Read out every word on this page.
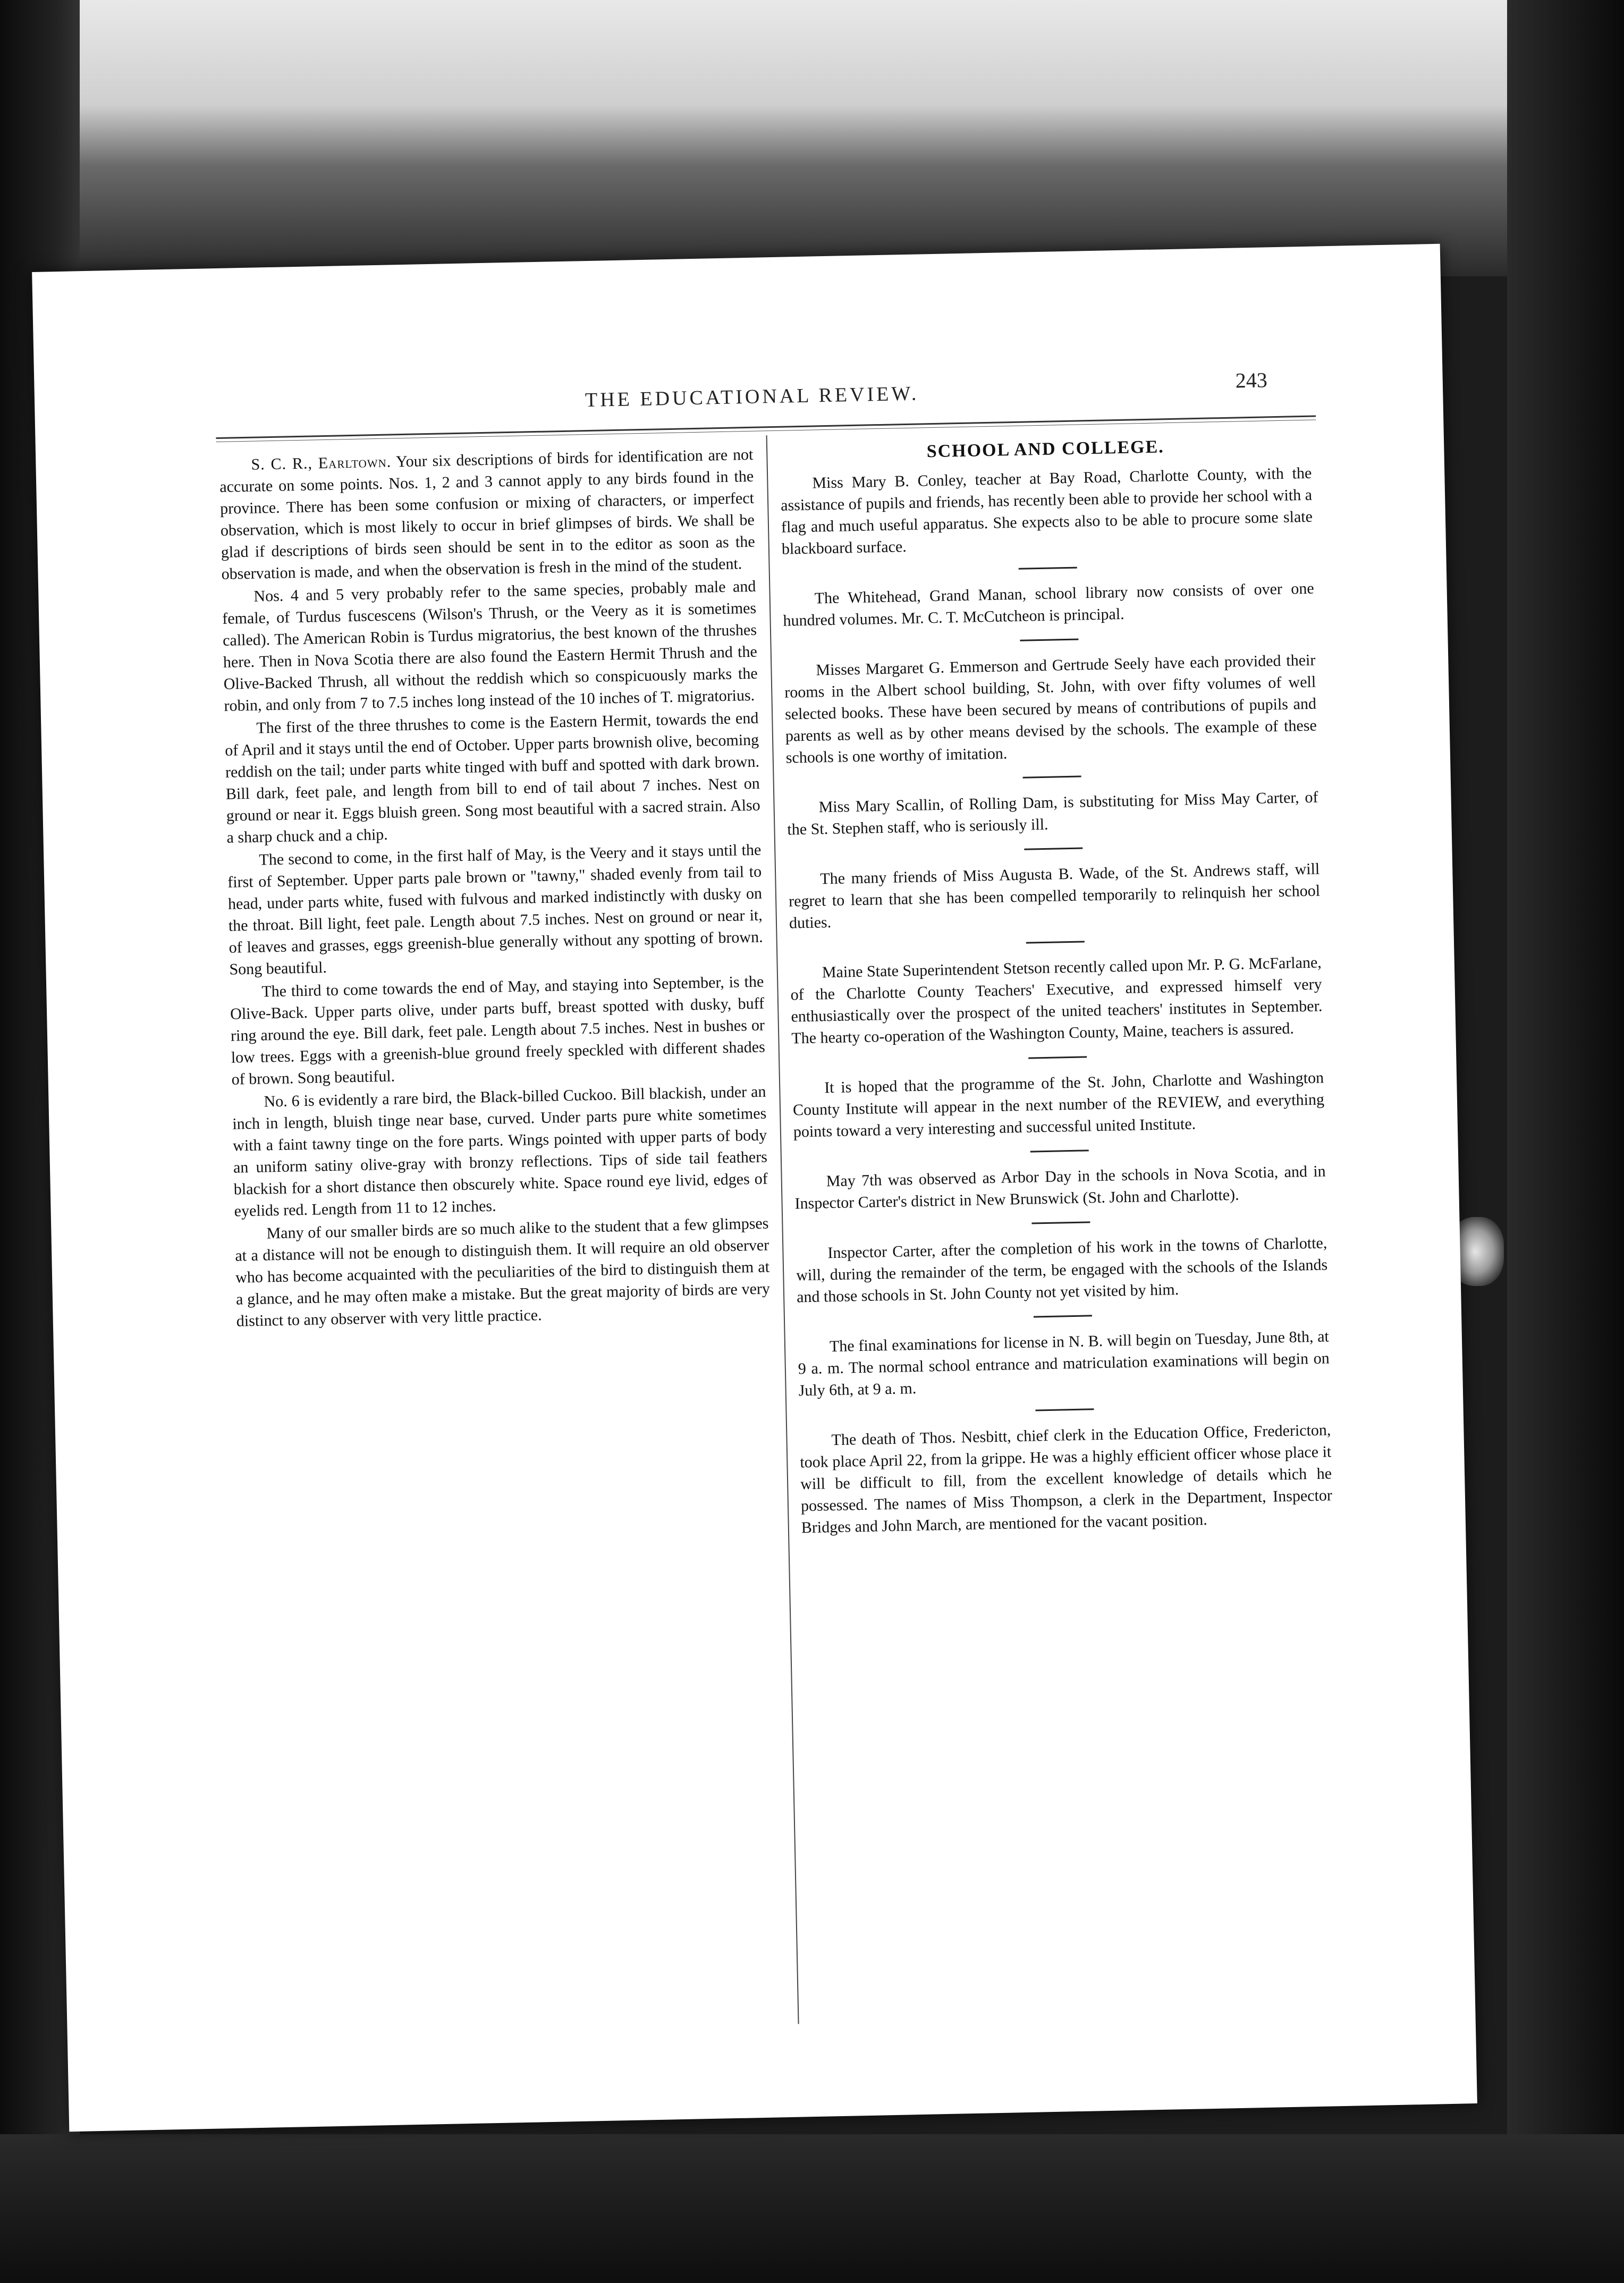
THE EDUCATIONAL REVIEW.
243

S. C. R., Earltown. Your six descriptions of birds for identification are not accurate on some points. Nos. 1, 2 and 3 cannot apply to any birds found in the province. There has been some confusion or mixing of characters, or imperfect observation, which is most likely to occur in brief glimpses of birds. We shall be glad if descriptions of birds seen should be sent in to the editor as soon as the observation is made, and when the observation is fresh in the mind of the student.

Nos. 4 and 5 very probably refer to the same species, probably male and female, of Turdus fuscescens (Wilson's Thrush, or the Veery as it is sometimes called). The American Robin is Turdus migratorius, the best known of the thrushes here. Then in Nova Scotia there are also found the Eastern Hermit Thrush and the Olive-Backed Thrush, all without the reddish which so conspicuously marks the robin, and only from 7 to 7.5 inches long instead of the 10 inches of T. migratorius.

The first of the three thrushes to come is the Eastern Hermit, towards the end of April and it stays until the end of October. Upper parts brownish olive, becoming reddish on the tail; under parts white tinged with buff and spotted with dark brown. Bill dark, feet pale, and length from bill to end of tail about 7 inches. Nest on ground or near it. Eggs bluish green. Song most beautiful with a sacred strain. Also a sharp chuck and a chip.

The second to come, in the first half of May, is the Veery and it stays until the first of September. Upper parts pale brown or "tawny," shaded evenly from tail to head, under parts white, fused with fulvous and marked indistinctly with dusky on the throat. Bill light, feet pale. Length about 7.5 inches. Nest on ground or near it, of leaves and grasses, eggs greenish-blue generally without any spotting of brown. Song beautiful.

The third to come towards the end of May, and staying into September, is the Olive-Back. Upper parts olive, under parts buff, breast spotted with dusky, buff ring around the eye. Bill dark, feet pale. Length about 7.5 inches. Nest in bushes or low trees. Eggs with a greenish-blue ground freely speckled with different shades of brown. Song beautiful.

No. 6 is evidently a rare bird, the Black-billed Cuckoo. Bill blackish, under an inch in length, bluish tinge near base, curved. Under parts pure white sometimes with a faint tawny tinge on the fore parts. Wings pointed with upper parts of body an uniform satiny olive-gray with bronzy reflections. Tips of side tail feathers blackish for a short distance then obscurely white. Space round eye livid, edges of eyelids red. Length from 11 to 12 inches.

Many of our smaller birds are so much alike to the student that a few glimpses at a distance will not be enough to distinguish them. It will require an old observer who has become acquainted with the peculiarities of the bird to distinguish them at a glance, and he may often make a mistake. But the great majority of birds are very distinct to any observer with very little practice.

SCHOOL AND COLLEGE.

Miss Mary B. Conley, teacher at Bay Road, Charlotte County, with the assistance of pupils and friends, has recently been able to provide her school with a flag and much useful apparatus. She expects also to be able to procure some slate blackboard surface.

The Whitehead, Grand Manan, school library now consists of over one hundred volumes. Mr. C. T. McCutcheon is principal.

Misses Margaret G. Emmerson and Gertrude Seely have each provided their rooms in the Albert school building, St. John, with over fifty volumes of well selected books. These have been secured by means of contributions of pupils and parents as well as by other means devised by the schools. The example of these schools is one worthy of imitation.

Miss Mary Scallin, of Rolling Dam, is substituting for Miss May Carter, of the St. Stephen staff, who is seriously ill.

The many friends of Miss Augusta B. Wade, of the St. Andrews staff, will regret to learn that she has been compelled temporarily to relinquish her school duties.

Maine State Superintendent Stetson recently called upon Mr. P. G. McFarlane, of the Charlotte County Teachers' Executive, and expressed himself very enthusiastically over the prospect of the united teachers' institutes in September. The hearty co-operation of the Washington County, Maine, teachers is assured.

It is hoped that the programme of the St. John, Charlotte and Washington County Institute will appear in the next number of the REVIEW, and everything points toward a very interesting and successful united Institute.

May 7th was observed as Arbor Day in the schools in Nova Scotia, and in Inspector Carter's district in New Brunswick (St. John and Charlotte).

Inspector Carter, after the completion of his work in the towns of Charlotte, will, during the remainder of the term, be engaged with the schools of the Islands and those schools in St. John County not yet visited by him.

The final examinations for license in N. B. will begin on Tuesday, June 8th, at 9 a. m. The normal school entrance and matriculation examinations will begin on July 6th, at 9 a. m.

The death of Thos. Nesbitt, chief clerk in the Education Office, Fredericton, took place April 22, from la grippe. He was a highly efficient officer whose place it will be difficult to fill, from the excellent knowledge of details which he possessed. The names of Miss Thompson, a clerk in the Department, Inspector Bridges and John March, are mentioned for the vacant position.
